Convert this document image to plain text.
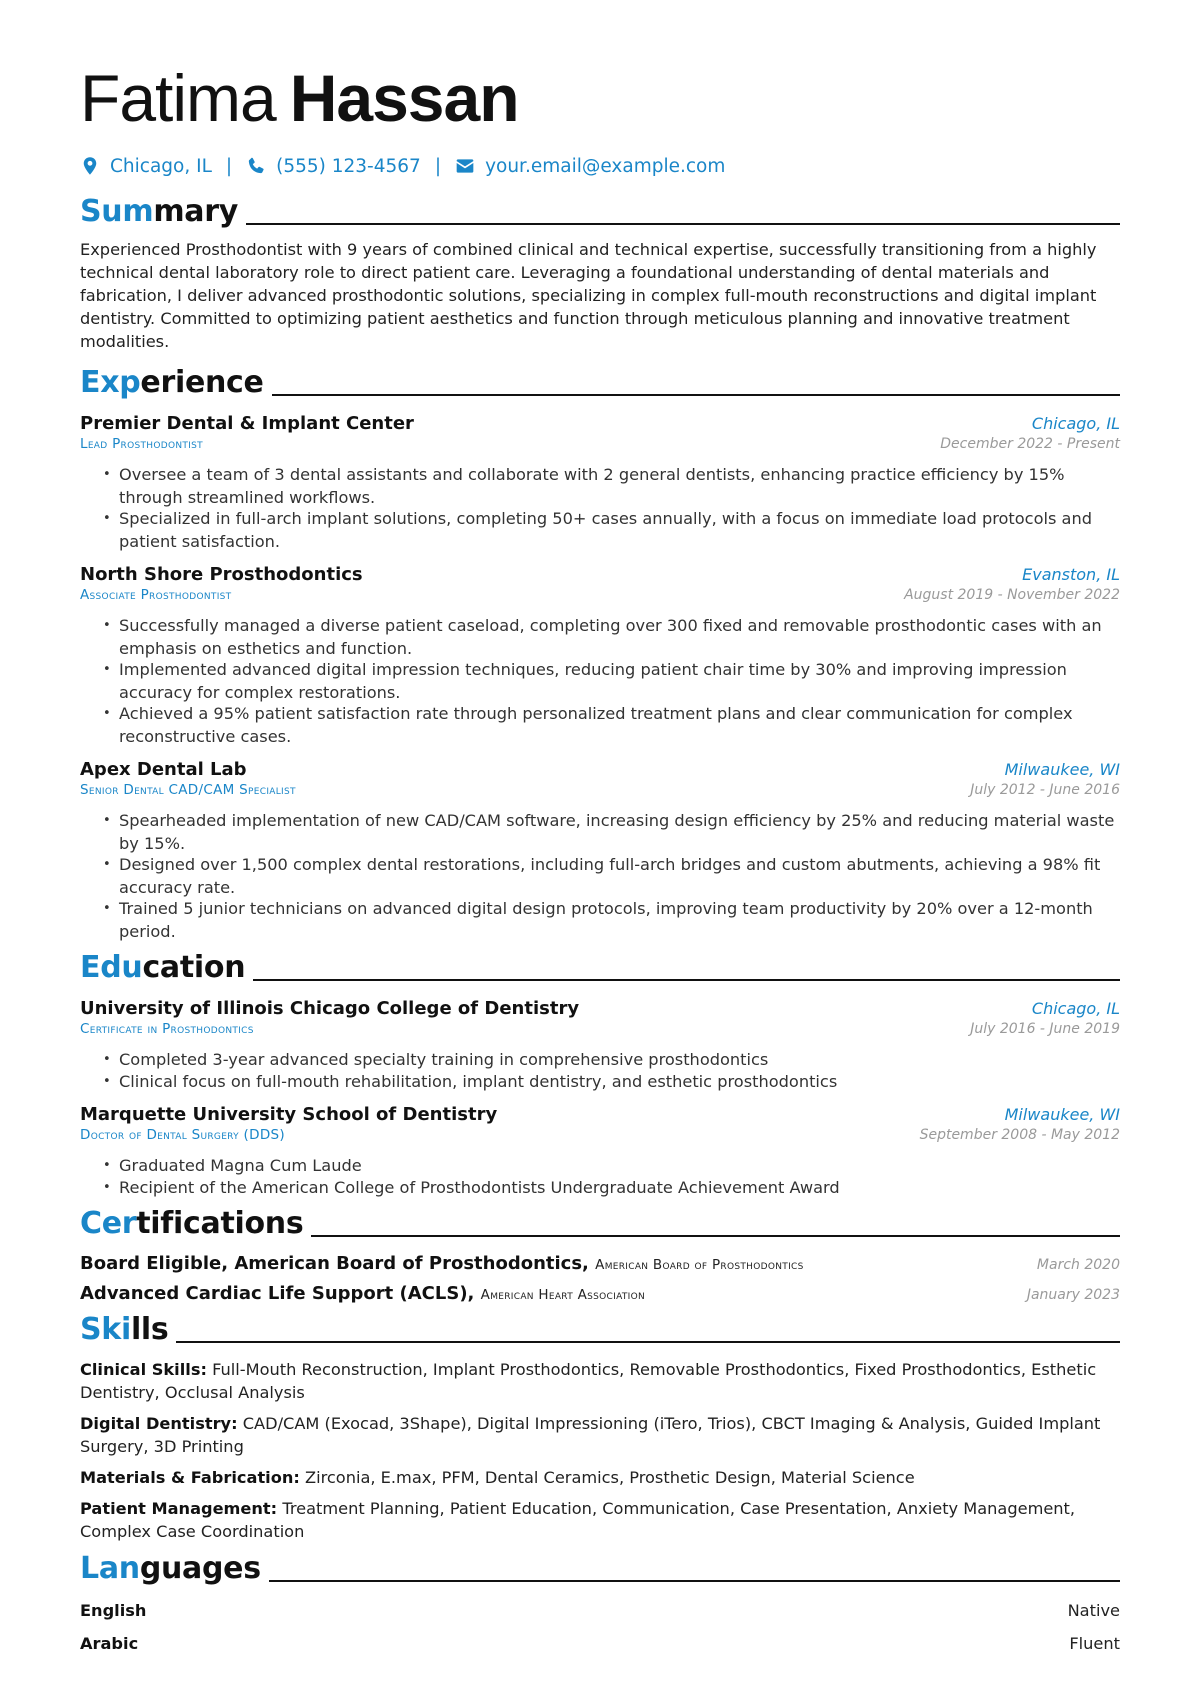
Fatima Hassan
Chicago, IL | (555) 123-4567 | your.email@example.com
Summary
Experienced Prosthodontist with 9 years of combined clinical and technical expertise, successfully transitioning from a highly technical dental laboratory role to direct patient care. Leveraging a foundational understanding of dental materials and fabrication, I deliver advanced prosthodontic solutions, specializing in complex full-mouth reconstructions and digital implant dentistry. Committed to optimizing patient aesthetics and function through meticulous planning and innovative treatment modalities.
Experience
Premier Dental & Implant Center	Chicago, IL
Lead Prosthodontist	December 2022 - Present
• Oversee a team of 3 dental assistants and collaborate with 2 general dentists, enhancing practice efficiency by 15% through streamlined workflows.
• Specialized in full-arch implant solutions, completing 50+ cases annually, with a focus on immediate load protocols and patient satisfaction.
North Shore Prosthodontics	Evanston, IL
Associate Prosthodontist	August 2019 - November 2022
• Successfully managed a diverse patient caseload, completing over 300 fixed and removable prosthodontic cases with an emphasis on esthetics and function.
• Implemented advanced digital impression techniques, reducing patient chair time by 30% and improving impression accuracy for complex restorations.
• Achieved a 95% patient satisfaction rate through personalized treatment plans and clear communication for complex reconstructive cases.
Apex Dental Lab	Milwaukee, WI
Senior Dental CAD/CAM Specialist	July 2012 - June 2016
• Spearheaded implementation of new CAD/CAM software, increasing design efficiency by 25% and reducing material waste by 15%.
• Designed over 1,500 complex dental restorations, including full-arch bridges and custom abutments, achieving a 98% fit accuracy rate.
• Trained 5 junior technicians on advanced digital design protocols, improving team productivity by 20% over a 12-month period.
Education
University of Illinois Chicago College of Dentistry	Chicago, IL
Certificate in Prosthodontics	July 2016 - June 2019
• Completed 3-year advanced specialty training in comprehensive prosthodontics
• Clinical focus on full-mouth rehabilitation, implant dentistry, and esthetic prosthodontics
Marquette University School of Dentistry	Milwaukee, WI
Doctor of Dental Surgery (DDS)	September 2008 - May 2012
• Graduated Magna Cum Laude
• Recipient of the American College of Prosthodontists Undergraduate Achievement Award
Certifications
Board Eligible, American Board of Prosthodontics, American Board of Prosthodontics	March 2020
Advanced Cardiac Life Support (ACLS), American Heart Association	January 2023
Skills
Clinical Skills: Full-Mouth Reconstruction, Implant Prosthodontics, Removable Prosthodontics, Fixed Prosthodontics, Esthetic Dentistry, Occlusal Analysis
Digital Dentistry: CAD/CAM (Exocad, 3Shape), Digital Impressioning (iTero, Trios), CBCT Imaging & Analysis, Guided Implant Surgery, 3D Printing
Materials & Fabrication: Zirconia, E.max, PFM, Dental Ceramics, Prosthetic Design, Material Science
Patient Management: Treatment Planning, Patient Education, Communication, Case Presentation, Anxiety Management, Complex Case Coordination
Languages
English	Native
Arabic	Fluent
